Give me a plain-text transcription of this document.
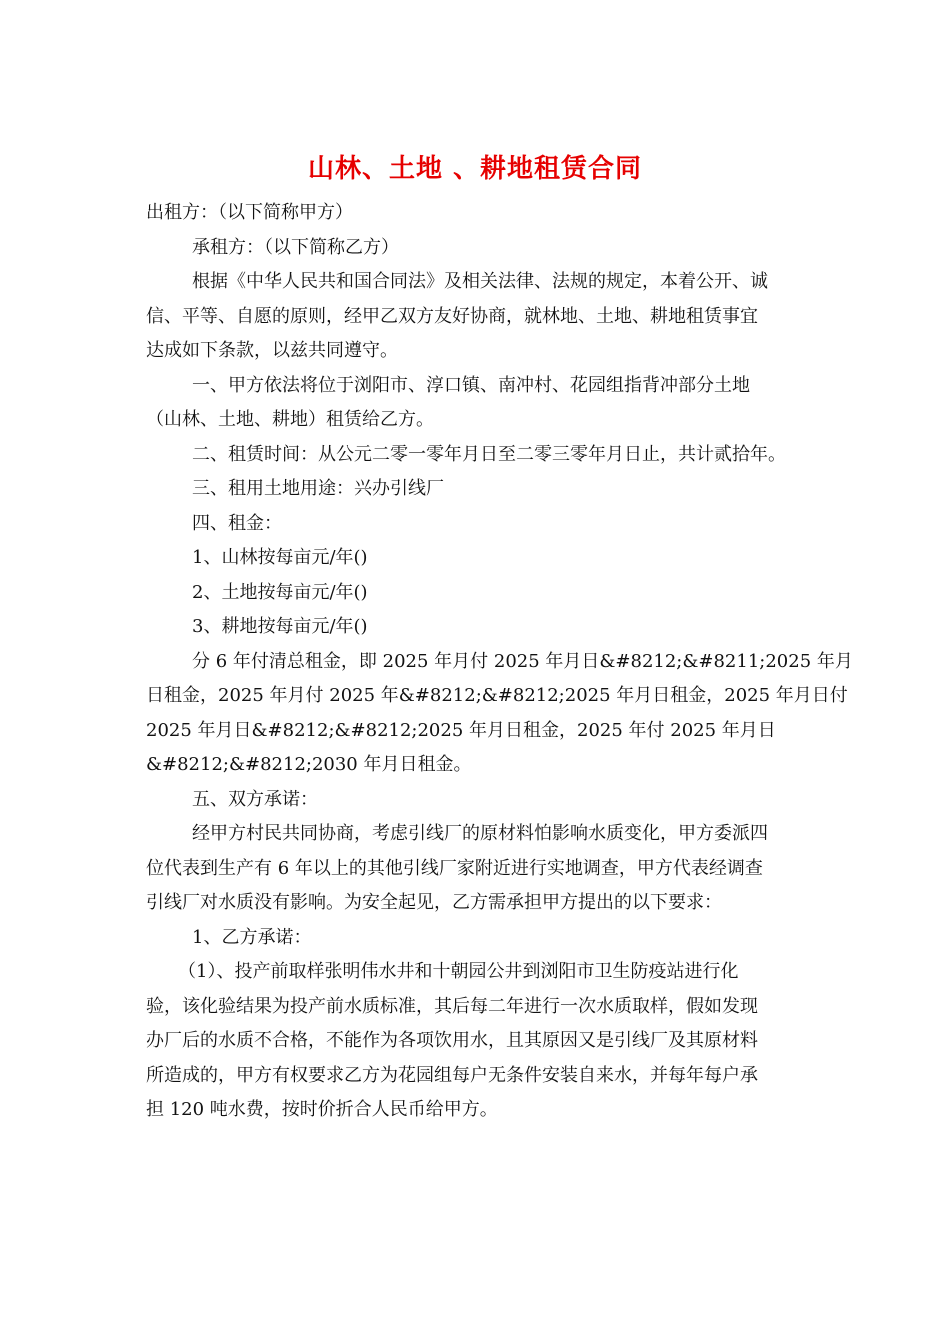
山林、土地 、耕地租赁合同

出租方：（以下简称甲方）

承租方：（以下简称乙方）

根据《中华人民共和国合同法》及相关法律、法规的规定，本着公开、诚

信、平等、自愿的原则，经甲乙双方友好协商，就林地、土地、耕地租赁事宜

达成如下条款，以兹共同遵守。

一、甲方依法将位于浏阳市、淳口镇、南冲村、花园组指背冲部分土地

（山林、土地、耕地）租赁给乙方。

二、租赁时间：从公元二零一零年月日至二零三零年月日止，共计贰拾年。

三、租用土地用途：兴办引线厂

四、租金：

1、山林按每亩元/年()

2、土地按每亩元/年()

3、耕地按每亩元/年()

分 6 年付清总租金，即 2025 年月付 2025 年月日&#8212;&#8211;2025 年月

日租金，2025 年月付 2025 年&#8212;&#8212;2025 年月日租金，2025 年月日付

2025 年月日&#8212;&#8212;2025 年月日租金，2025 年付 2025 年月日

&#8212;&#8212;2030 年月日租金。

五、双方承诺：

经甲方村民共同协商，考虑引线厂的原材料怕影响水质变化，甲方委派四

位代表到生产有 6 年以上的其他引线厂家附近进行实地调查，甲方代表经调查

引线厂对水质没有影响。为安全起见，乙方需承担甲方提出的以下要求：

1、乙方承诺：

（1）、投产前取样张明伟水井和十朝园公井到浏阳市卫生防疫站进行化

验，该化验结果为投产前水质标准，其后每二年进行一次水质取样，假如发现

办厂后的水质不合格，不能作为各项饮用水，且其原因又是引线厂及其原材料

所造成的，甲方有权要求乙方为花园组每户无条件安装自来水，并每年每户承

担 120 吨水费，按时价折合人民币给甲方。
